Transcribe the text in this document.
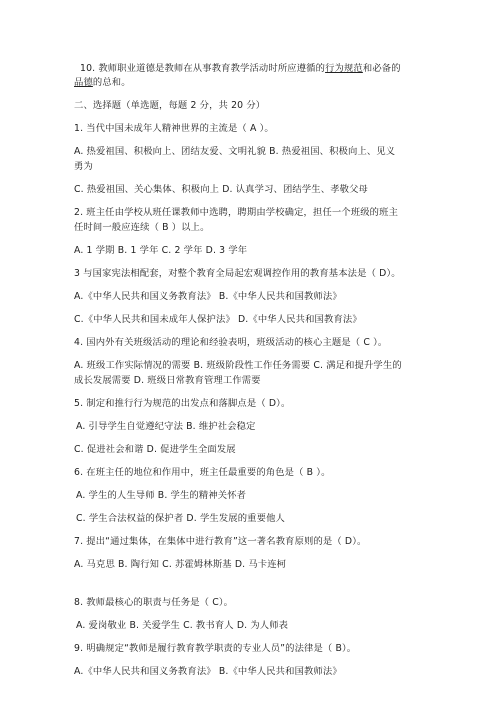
10. 教师职业道德是教师在从事教育教学活动时所应遵循的行为规范和必备的
品德的总和。
二、选择题（单选题，每题 2 分，共 20 分）
1. 当代中国未成年人精神世界的主流是（ A ）。
A. 热爱祖国、积极向上、团结友爱、文明礼貌 B. 热爱祖国、积极向上、见义
勇为
C. 热爱祖国、关心集体、积极向上 D. 认真学习、团结学生、孝敬父母
2. 班主任由学校从班任课教师中选聘，聘期由学校确定，担任一个班级的班主
任时间一般应连续（ B ）以上。
A. 1 学期 B. 1 学年 C. 2 学年 D. 3 学年
3 与国家宪法相配套，对整个教育全局起宏观调控作用的教育基本法是（ D）。
A.《中华人民共和国义务教育法》 B.《中华人民共和国教师法》
C.《中华人民共和国未成年人保护法》 D.《中华人民共和国教育法》
4. 国内外有关班级活动的理论和经验表明，班级活动的核心主题是（ C ）。
A. 班级工作实际情况的需要 B. 班级阶段性工作任务需要 C. 满足和提升学生的
成长发展需要 D. 班级日常教育管理工作需要
5. 制定和推行行为规范的出发点和落脚点是（ D）。
A. 引导学生自觉遵纪守法 B. 维护社会稳定
C. 促进社会和谐 D. 促进学生全面发展
6. 在班主任的地位和作用中，班主任最重要的角色是（ B ）。
A. 学生的人生导师 B. 学生的精神关怀者
C. 学生合法权益的保护者 D. 学生发展的重要他人
7. 提出“通过集体，在集体中进行教育”这一著名教育原则的是（ D）。
A. 马克思 B. 陶行知 C. 苏霍姆林斯基 D. 马卡连柯
8. 教师最核心的职责与任务是（ C）。
A. 爱岗敬业 B. 关爱学生 C. 教书育人 D. 为人师表
9. 明确规定“教师是履行教育教学职责的专业人员”的法律是（ B）。
A.《中华人民共和国义务教育法》 B.《中华人民共和国教师法》
